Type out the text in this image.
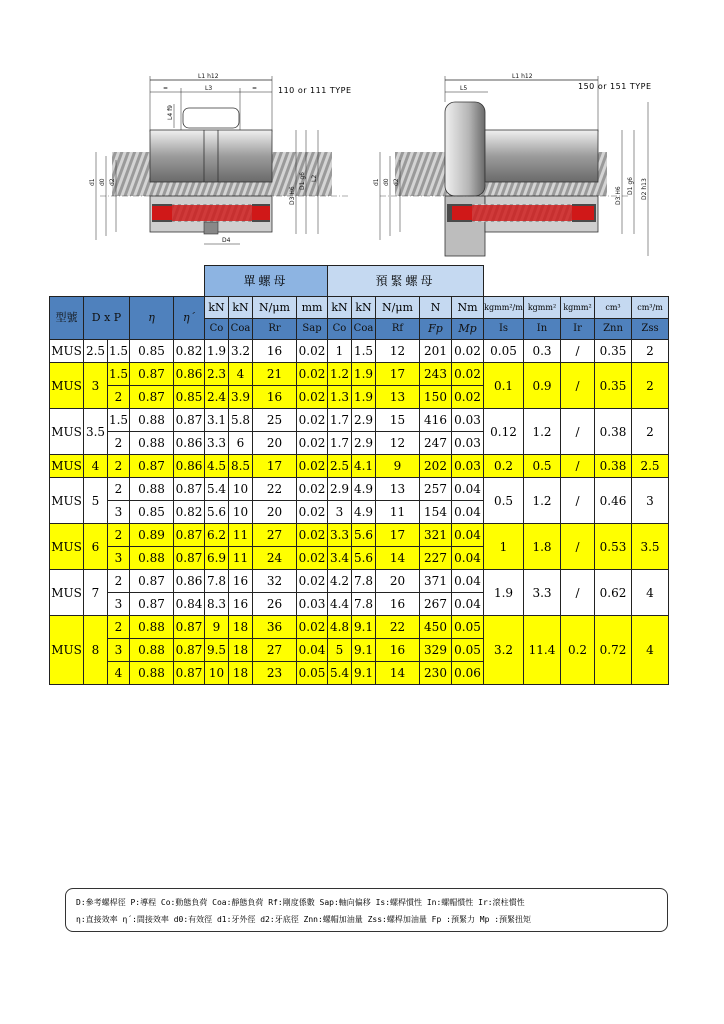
L1 h12
=	L3	=
L4 f9
D3 H6
D1 g6 L2
d1 d0 d2
D4
L1 h12
L5
D3 H6
D1 g6 D2 h13
d1 d0 d2
110 or 111 TYPE	150 or 151 TYPE
					單螺母				預緊螺母									
型號	D x P		η	η´	kN	kN	N/μm	mm	kN	kN	N/μm	N	Nm	kgmm²/m	kgmm²	kgmm²	cm³	cm³/m
					Co	Coa	Rr	Sap	Co	Coa	Rf	Fp	Mp	Is	In	Ir	Znn	Zss
MUS	2.5	1.5	0.85	0.82	1.9	3.2	16	0.02	1	1.5	12	201	0.02	0.05	0.3	/	0.35	2
MUS	3	1.5	0.87	0.86	2.3	4	21	0.02	1.2	1.9	17	243	0.02	0.1	0.9	/	0.35	2
		2	0.87	0.85	2.4	3.9	16	0.02	1.3	1.9	13	150	0.02					
MUS	3.5	1.5	0.88	0.87	3.1	5.8	25	0.02	1.7	2.9	15	416	0.03	0.12	1.2	/	0.38	2
		2	0.88	0.86	3.3	6	20	0.02	1.7	2.9	12	247	0.03					
MUS	4	2	0.87	0.86	4.5	8.5	17	0.02	2.5	4.1	9	202	0.03	0.2	0.5	/	0.38	2.5
MUS	5	2	0.88	0.87	5.4	10	22	0.02	2.9	4.9	13	257	0.04	0.5	1.2	/	0.46	3
		3	0.85	0.82	5.6	10	20	0.02	3	4.9	11	154	0.04					
MUS	6	2	0.89	0.87	6.2	11	27	0.02	3.3	5.6	17	321	0.04	1	1.8	/	0.53	3.5
		3	0.88	0.87	6.9	11	24	0.02	3.4	5.6	14	227	0.04					
MUS	7	2	0.87	0.86	7.8	16	32	0.02	4.2	7.8	20	371	0.04	1.9	3.3	/	0.62	4
		3	0.87	0.84	8.3	16	26	0.03	4.4	7.8	16	267	0.04					
MUS	8	2	0.88	0.87	9	18	36	0.02	4.8	9.1	22	450	0.05	3.2	11.4	0.2	0.72	4
		3	0.88	0.87	9.5	18	27	0.04	5	9.1	16	329	0.05					
		4	0.88	0.87	10	18	23	0.05	5.4	9.1	14	230	0.06					
D:參考螺桿徑 P:導程 Co:動態負荷 Coa:靜態負荷 Rf:剛度係數 Sap:軸向偏移 Is:螺桿慣性 In:螺帽慣性 Ir:滾柱慣性
η:直接效率 η´:間接效率 d0:有效徑 d1:牙外徑 d2:牙底徑 Znn:螺帽加油量 Zss:螺桿加油量 Fp :預緊力 Mp :預緊扭矩
